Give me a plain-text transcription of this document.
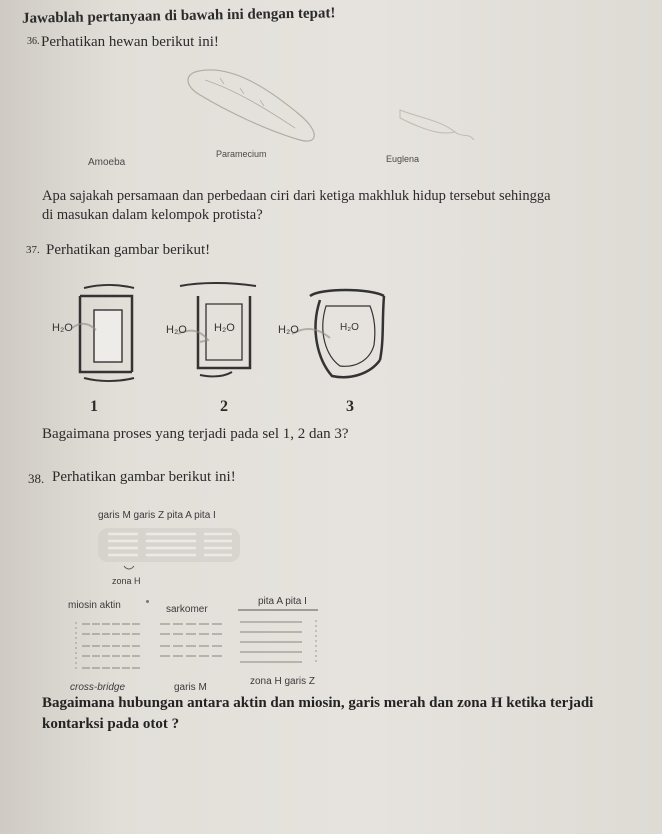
Jawablah pertanyaan di bawah ini dengan tepat!
36. Perhatikan hewan berikut ini!
Amoeba
Paramecium	Euglena
Apa sajakah persamaan dan perbedaan ciri dari ketiga makhluk hidup tersebut sehingga
di masukan dalam kelompok protista?
37. Perhatikan gambar berikut!
H₂O	H₂O H₂O	H₂O	H₂O
1	2	3
Bagaimana proses yang terjadi pada sel 1, 2 dan 3?
38. Perhatikan gambar berikut ini!
garis M garis Z pita A pita I
zona H
miosin aktin	sarkomer
pita A pita I
cross-bridge	garis M
zona H garis Z
Bagaimana hubungan antara aktin dan miosin, garis merah dan zona H ketika terjadi
kontarksi pada otot ?
